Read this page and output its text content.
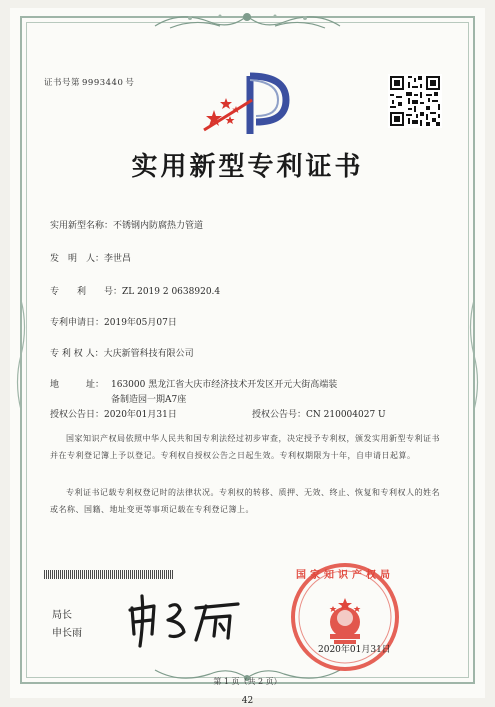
证书号第 9993440 号
实用新型专利证书
实用新型名称：不锈钢内防腐热力管道
发　明　人：李世昌
专　　利　　号：ZL 2019 2 0638920.4
专利申请日：2019年05月07日
专 利 权 人：大庆新管科技有限公司
地　　　址： 163000 黑龙江省大庆市经济技术开发区开元大街高端装
备制造园一期A7座
授权公告日：2020年01月31日	授权公告号：CN 210004027 U
国家知识产权局依照中华人民共和国专利法经过初步审查，决定授予专利权，颁发实用新型专利证书并在专利登记簿上予以登记。专利权自授权公告之日起生效。专利权期限为十年，自申请日起算。
专利证书记载专利权登记时的法律状况。专利权的转移、质押、无效、终止、恢复和专利权人的姓名或名称、国籍、地址变更等事项记载在专利登记簿上。
局长
申长雨
国家知识产权局
2020年01月31日
第 1 页（共 2 页）
42
